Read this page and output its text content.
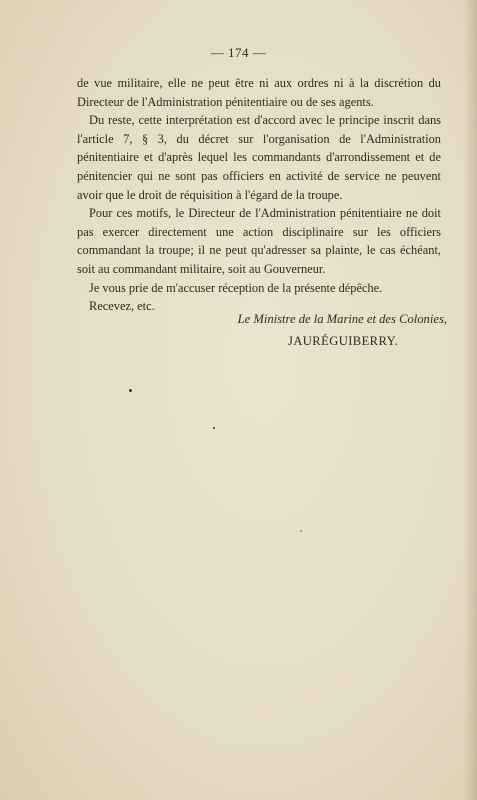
— 174 —

de vue militaire, elle ne peut être ni aux ordres ni à la discrétion du Directeur de l'Administration pénitentiaire ou de ses agents.

Du reste, cette interprétation est d'accord avec le principe inscrit dans l'article 7, § 3, du décret sur l'organisation de l'Administration pénitentiaire et d'après lequel les commandants d'arrondissement et de pénitencier qui ne sont pas officiers en activité de service ne peuvent avoir que le droit de réquisition à l'égard de la troupe.

Pour ces motifs, le Directeur de l'Administration pénitentiaire ne doit pas exercer directement une action disciplinaire sur les officiers commandant la troupe; il ne peut qu'adresser sa plainte, le cas échéant, soit au commandant militaire, soit au Gouverneur.

Je vous prie de m'accuser réception de la présente dépêche.

Recevez, etc.

Le Ministre de la Marine et des Colonies,
JAURÉGUIBERRY.
